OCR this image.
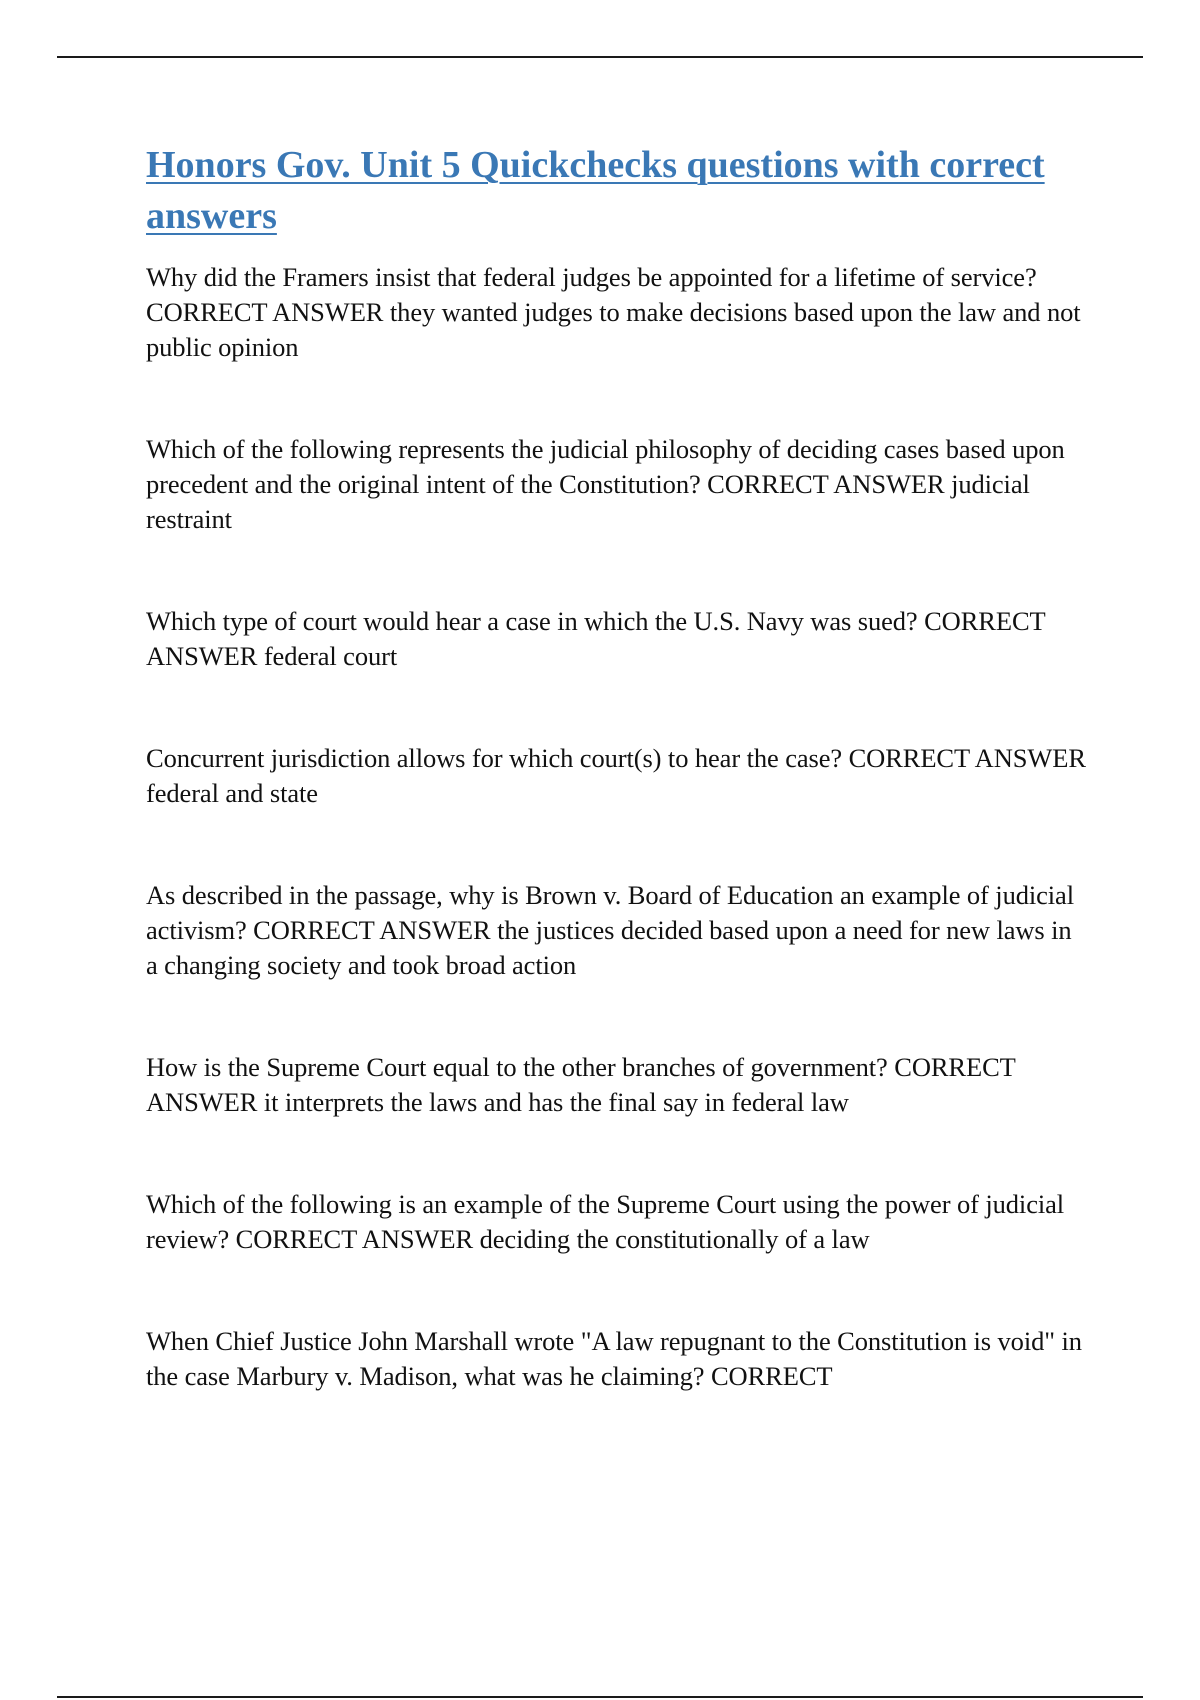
Honors Gov. Unit 5 Quickchecks questions with correct answers

Why did the Framers insist that federal judges be appointed for a lifetime of service? CORRECT ANSWER they wanted judges to make decisions based upon the law and not public opinion

Which of the following represents the judicial philosophy of deciding cases based upon precedent and the original intent of the Constitution? CORRECT ANSWER judicial restraint

Which type of court would hear a case in which the U.S. Navy was sued? CORRECT ANSWER federal court

Concurrent jurisdiction allows for which court(s) to hear the case? CORRECT ANSWER federal and state

As described in the passage, why is Brown v. Board of Education an example of judicial activism? CORRECT ANSWER the justices decided based upon a need for new laws in a changing society and took broad action

How is the Supreme Court equal to the other branches of government? CORRECT ANSWER it interprets the laws and has the final say in federal law

Which of the following is an example of the Supreme Court using the power of judicial review? CORRECT ANSWER deciding the constitutionally of a law

When Chief Justice John Marshall wrote "A law repugnant to the Constitution is void" in the case Marbury v. Madison, what was he claiming? CORRECT
